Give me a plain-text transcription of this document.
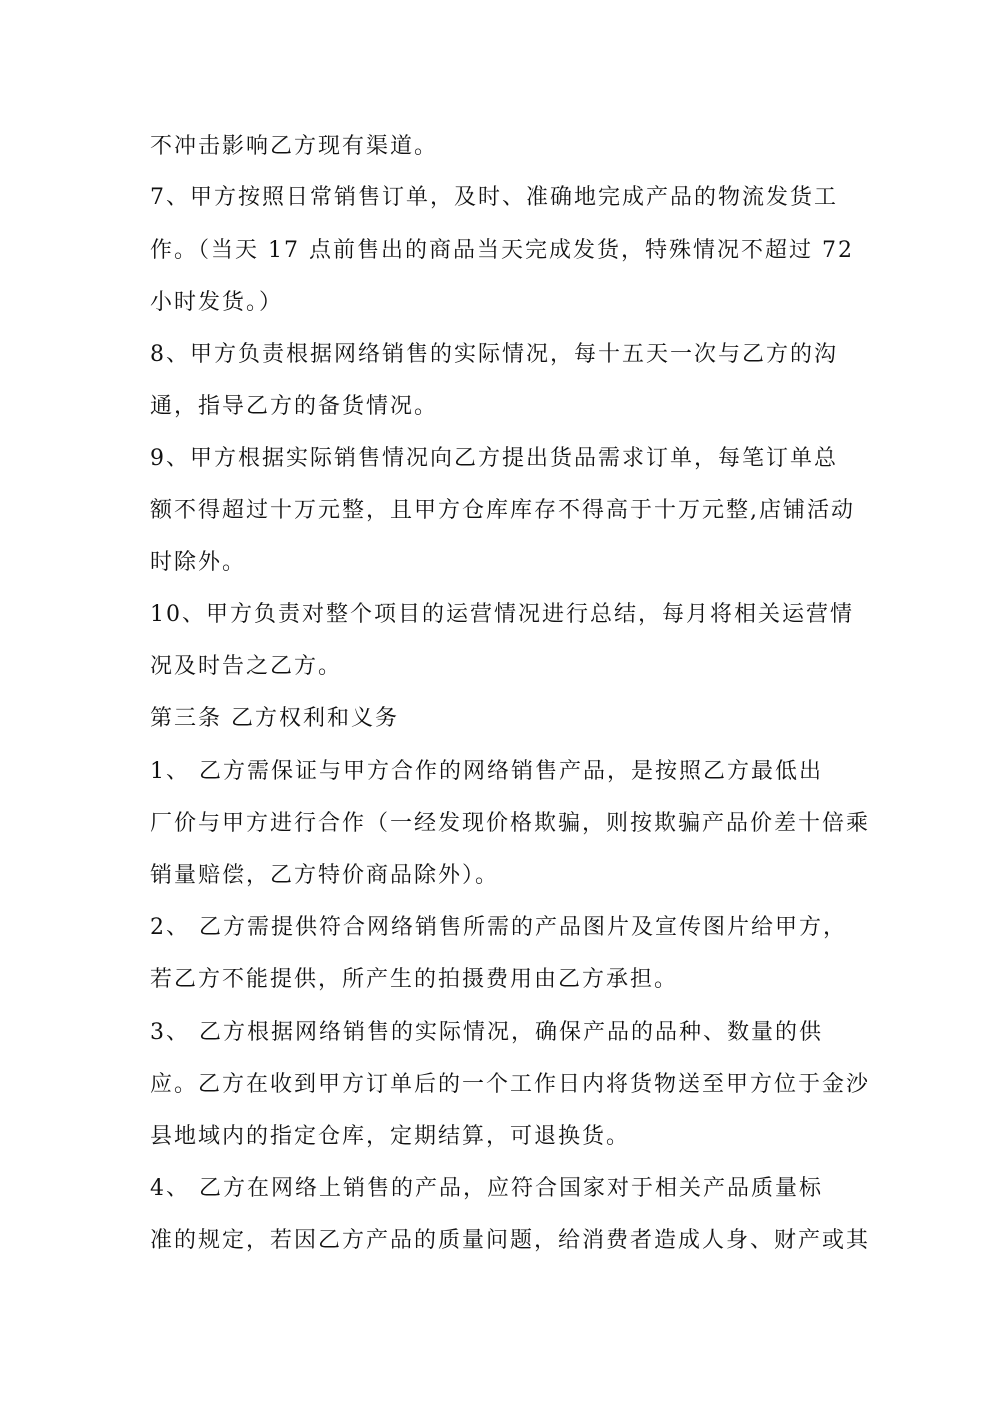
不冲击影响乙方现有渠道。
7、甲方按照日常销售订单，及时、准确地完成产品的物流发货工
作。（当天 17 点前售出的商品当天完成发货，特殊情况不超过 72
小时发货。）
8、甲方负责根据网络销售的实际情况，每十五天一次与乙方的沟
通，指导乙方的备货情况。
9、甲方根据实际销售情况向乙方提出货品需求订单，每笔订单总
额不得超过十万元整，且甲方仓库库存不得高于十万元整,店铺活动
时除外。
10、甲方负责对整个项目的运营情况进行总结，每月将相关运营情
况及时告之乙方。
第三条 乙方权利和义务
1、 乙方需保证与甲方合作的网络销售产品，是按照乙方最低出
厂价与甲方进行合作（一经发现价格欺骗，则按欺骗产品价差十倍乘
销量赔偿，乙方特价商品除外）。
2、 乙方需提供符合网络销售所需的产品图片及宣传图片给甲方，
若乙方不能提供，所产生的拍摄费用由乙方承担。
3、 乙方根据网络销售的实际情况，确保产品的品种、数量的供
应。乙方在收到甲方订单后的一个工作日内将货物送至甲方位于金沙
县地域内的指定仓库，定期结算，可退换货。
4、 乙方在网络上销售的产品，应符合国家对于相关产品质量标
准的规定，若因乙方产品的质量问题，给消费者造成人身、财产或其
